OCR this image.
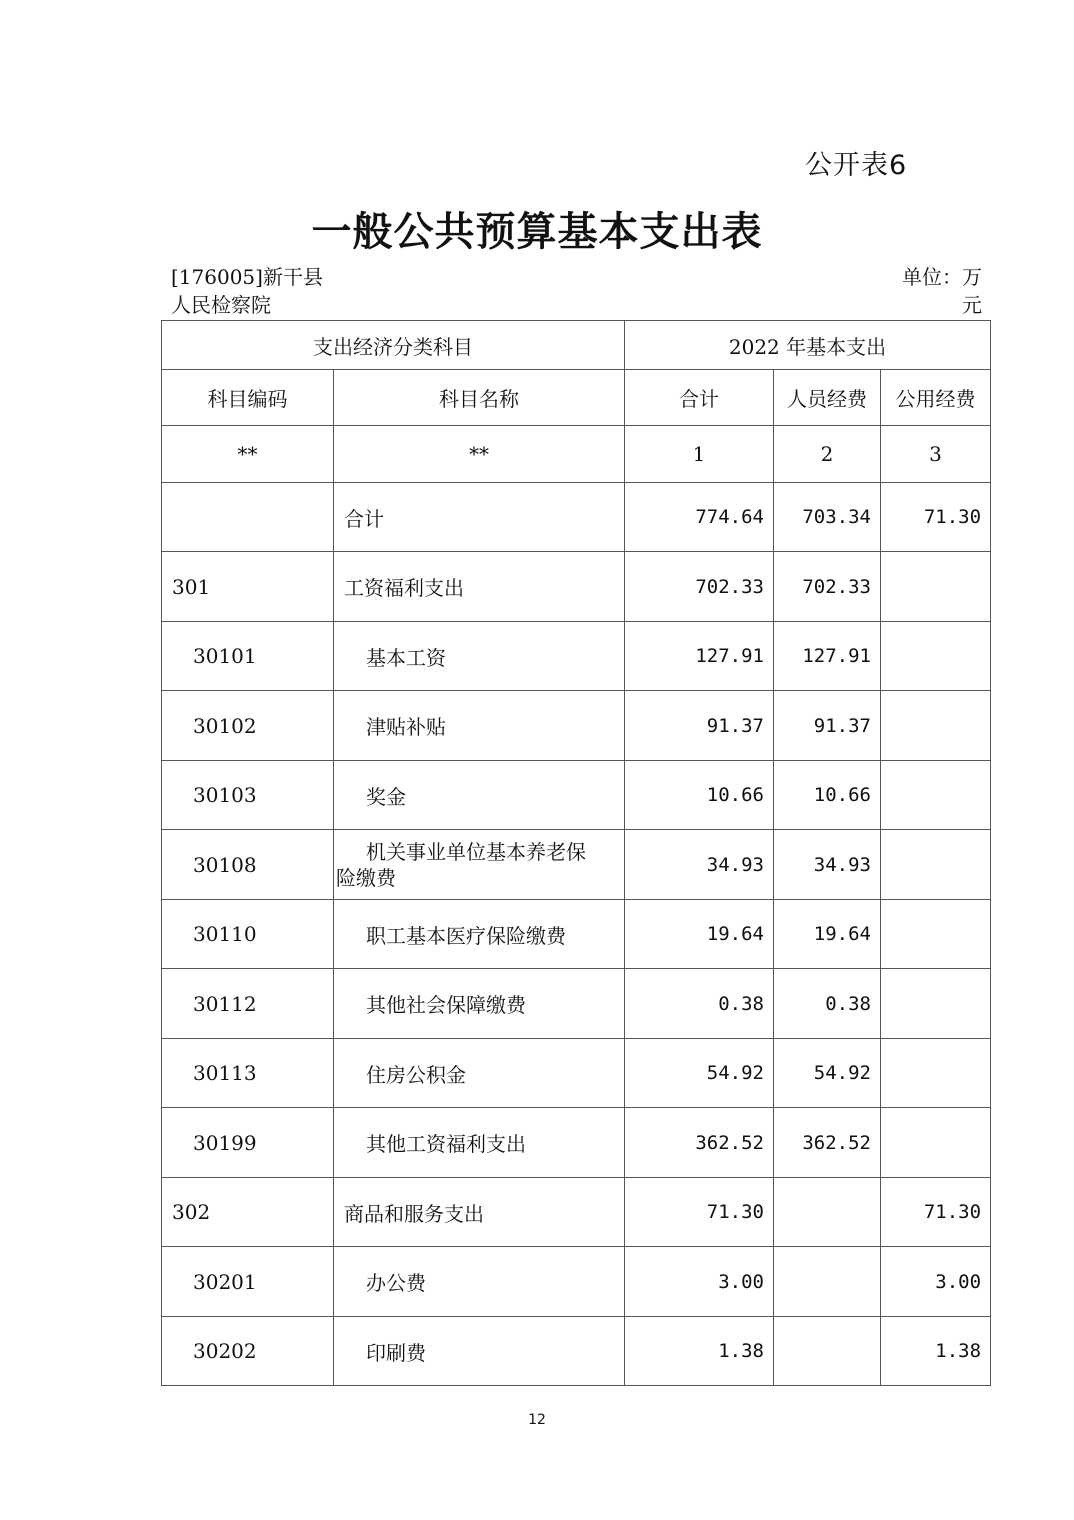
公开表6
一般公共预算基本支出表
[176005]新干县人民检察院
单位：万元
支出经济分类科目		2022 年基本支出		
科目编码	科目名称	合计	人员经费	公用经费
**	**	1	2	3
	合计	774.64	703.34	71.30
301	工资福利支出	702.33	702.33	
30101	基本工资	127.91	127.91	
30102	津贴补贴	91.37	91.37	
30103	奖金	10.66	10.66	
30108	机关事业单位基本养老保
险缴费	34.93	34.93	
30110	职工基本医疗保险缴费	19.64	19.64	
30112	其他社会保障缴费	0.38	0.38	
30113	住房公积金	54.92	54.92	
30199	其他工资福利支出	362.52	362.52	
302	商品和服务支出	71.30		71.30
30201	办公费	3.00		3.00
30202	印刷费	1.38		1.38
12
